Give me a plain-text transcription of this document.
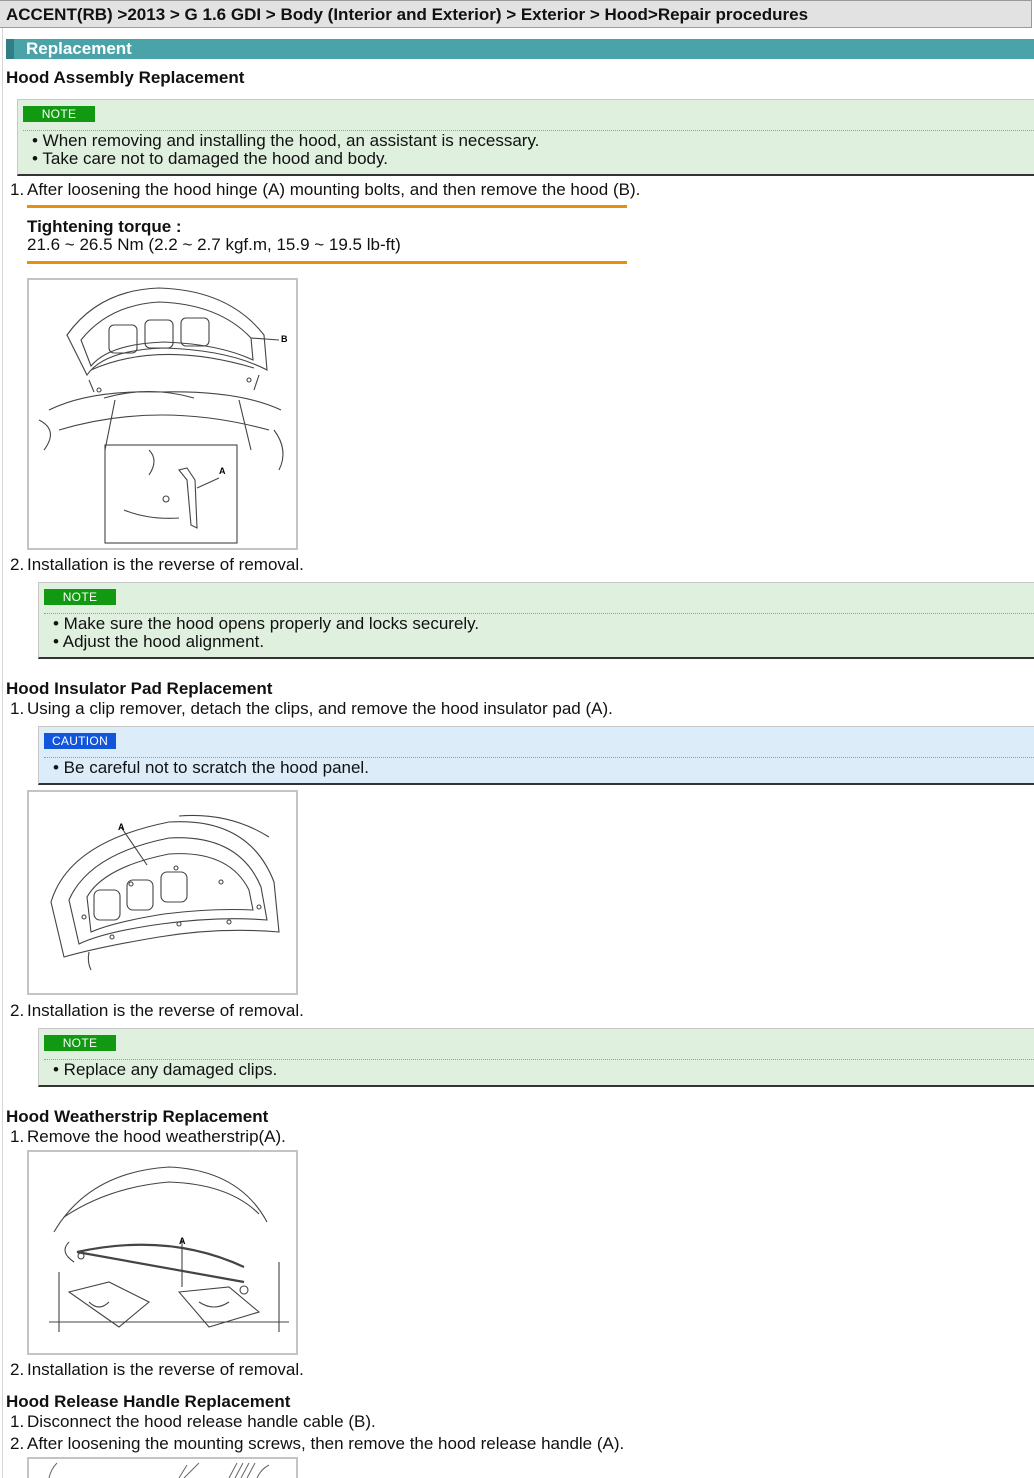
ACCENT(RB) >2013 > G 1.6 GDI > Body (Interior and Exterior) > Exterior > Hood>Repair procedures
Replacement
Hood Assembly Replacement
NOTE
• When removing and installing the hood, an assistant is necessary.
• Take care not to damaged the hood and body.
1. After loosening the hood hinge (A) mounting bolts, and then remove the hood (B).
Tightening torque :
21.6 ~ 26.5 Nm (2.2 ~ 2.7 kgf.m, 15.9 ~ 19.5 lb-ft)
B
A
2. Installation is the reverse of removal.
NOTE
• Make sure the hood opens properly and locks securely.
• Adjust the hood alignment.
Hood Insulator Pad Replacement
1. Using a clip remover, detach the clips, and remove the hood insulator pad (A).
CAUTION
• Be careful not to scratch the hood panel.
A
2. Installation is the reverse of removal.
NOTE
• Replace any damaged clips.
Hood Weatherstrip Replacement
1. Remove the hood weatherstrip(A).
A
2. Installation is the reverse of removal.
Hood Release Handle Replacement
1. Disconnect the hood release handle cable (B).
2. After loosening the mounting screws, then remove the hood release handle (A).
